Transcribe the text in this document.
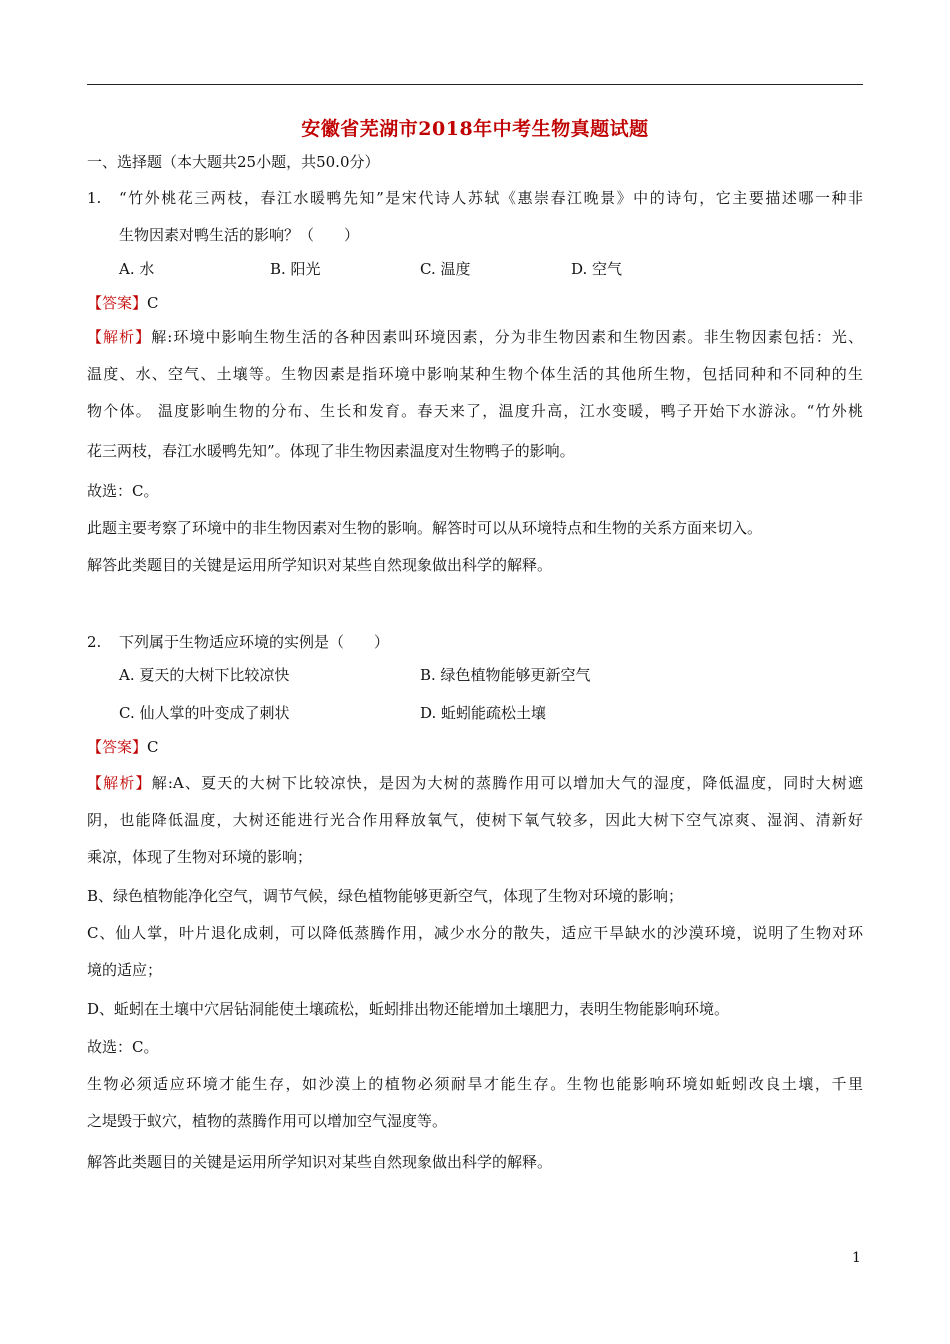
安徽省芜湖市2018年中考生物真题试题
一、选择题（本大题共25小题，共50.0分）
1. “竹外桃花三两枝，春江水暖鸭先知”是宋代诗人苏轼《惠崇春江晚景》中的诗句，它主要描述哪一种非
生物因素对鸭生活的影响？（　　）
A. 水	B. 阳光	C. 温度	D. 空气
【答案】C
【解析】解:环境中影响生物生活的各种因素叫环境因素，分为非生物因素和生物因素。非生物因素包括：光、
温度、水、空气、土壤等。生物因素是指环境中影响某种生物个体生活的其他所生物，包括同种和不同种的生
物个体。 温度影响生物的分布、生长和发育。春天来了，温度升高，江水变暖，鸭子开始下水游泳。“竹外桃
花三两枝，春江水暖鸭先知”。体现了非生物因素温度对生物鸭子的影响。
故选：C。
此题主要考察了环境中的非生物因素对生物的影响。解答时可以从环境特点和生物的关系方面来切入。
解答此类题目的关键是运用所学知识对某些自然现象做出科学的解释。
2. 下列属于生物适应环境的实例是（　　）
A. 夏天的大树下比较凉快	B. 绿色植物能够更新空气
C. 仙人掌的叶变成了刺状	D. 蚯蚓能疏松土壤
【答案】C
【解析】解:A、夏天的大树下比较凉快，是因为大树的蒸腾作用可以增加大气的湿度，降低温度，同时大树遮
阴，也能降低温度，大树还能进行光合作用释放氧气，使树下氧气较多，因此大树下空气凉爽、湿润、清新好
乘凉，体现了生物对环境的影响；
B、绿色植物能净化空气，调节气候，绿色植物能够更新空气，体现了生物对环境的影响；
C、仙人掌，叶片退化成刺，可以降低蒸腾作用，减少水分的散失，适应干旱缺水的沙漠环境，说明了生物对环
境的适应；
D、蚯蚓在土壤中穴居钻洞能使土壤疏松，蚯蚓排出物还能增加土壤肥力，表明生物能影响环境。
故选：C。
生物必须适应环境才能生存，如沙漠上的植物必须耐旱才能生存。生物也能影响环境如蚯蚓改良土壤，千里
之堤毁于蚁穴，植物的蒸腾作用可以增加空气湿度等。
解答此类题目的关键是运用所学知识对某些自然现象做出科学的解释。
1
